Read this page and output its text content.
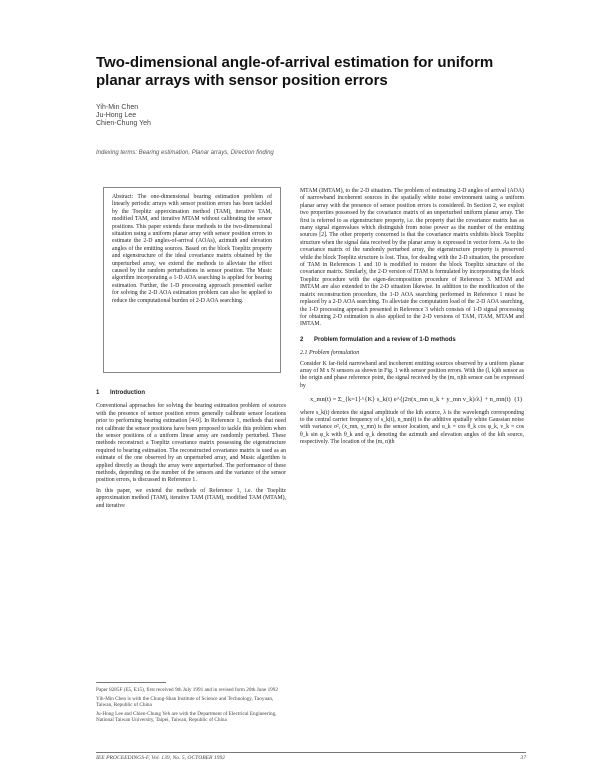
Two-dimensional angle-of-arrival estimation for uniform planar arrays with sensor position errors
Yih-Min Chen
Ju-Hong Lee
Chien-Chung Yeh
Indexing terms: Bearing estimation, Planar arrays, Direction finding
Abstract: The one-dimensional bearing estimation problem of linearly periodic arrays with sensor position errors has been tackled by the Toeplitz approximation method (TAM), iterative TAM, modified TAM, and iterative MTAM without calibrating the sensor positions. This paper extends these methods to the two-dimensional situation using a uniform planar array with sensor position errors to estimate the 2-D angles-of-arrival (AOAs), azimuth and elevation angles of the emitting sources. Based on the block Toeplitz property and eigenstructure of the ideal covariance matrix obtained by the unperturbed array, we extend the methods to alleviate the effect caused by the random perturbations in sensor position. The Music algorithm incorporating a 1-D AOA searching is applied for bearing estimation. Further, the 1-D processing approach presented earlier for solving the 2-D AOA estimation problem can also be applied to reduce the computational burden of 2-D AOA searching.
1 Introduction

Conventional approaches for solving the bearing estimation problem of sources with the presence of sensor position errors generally calibrate sensor locations prior to performing bearing estimation [4-9]. In Reference 1, methods that need not calibrate the sensor positions have been proposed to tackle this problem when the sensor positions of a uniform linear array are randomly perturbed. These methods reconstruct a Toeplitz covariance matrix possessing the eigenstructure required to bearing estimation. The reconstructed covariance matrix is used as an estimate of the one observed by an unperturbed array, and Music algorithm is applied directly as though the array were unperturbed. The performance of these methods, depending on the number of the sensors and the variance of the sensor position errors, is discussed in Reference 1.

In this paper, we extend the methods of Reference 1, i.e. the Toeplitz approximation method (TAM), iterative TAM (ITAM), modified TAM (MTAM), and iterative

MTAM (IMTAM), to the 2-D situation. The problem of estimating 2-D angles of arrival (AOA) of narrowband incoherent sources in the spatially white noise environment using a uniform planar array with the presence of sensor position errors is considered. In Section 2, we exploit two properties possessed by the covariance matrix of an unperturbed uniform planar array. The first is referred to as eigenstructure property, i.e. the property that the covariance matrix has as many signal eigenvalues which distinguish from noise power as the number of the emitting sources [2]. The other property concerned is that the covariance matrix exhibits block Toeplitz structure when the signal data received by the planar array is expressed in vector form. As to the covariance matrix of the randomly perturbed array, the eigenstructure property is preserved while the block Toeplitz structure is lost. Thus, for dealing with the 2-D situation, the procedure of TAM in References 1 and 10 is modified to restore the block Toeplitz structure of the covariance matrix. Similarly, the 2-D version of ITAM is formulated by incorporating the block Toeplitz procedure with the eigen-decomposition procedure of Reference 3. MTAM and IMTAM are also extended to the 2-D situation likewise. In addition to the modification of the matrix reconstruction procedure, the 1-D AOA searching performed in Reference 1 must be replaced by a 2-D AOA searching. To alleviate the computation load of the 2-D AOA searching, the 1-D processing approach presented in Reference 3 which consists of 1-D signal processing for obtaining 2-D estimation is also applied to the 2-D versions of TAM, ITAM, MTAM and IMTAM.

2 Problem formulation and a review of 1-D methods
2.1 Problem formulation

Consider K far-field narrowband and incoherent emitting sources observed by a uniform planar array of M x N sensors as shown in Fig. 1 with sensor position errors. With the (l, k)th sensor as the origin and phase reference point, the signal received by the (m, n)th sensor can be expressed by

x_mn(t) = Σ_{k=1}^{K} s_k(t) e^{j2π(x_mn u_k + y_mn v_k)/λ} + n_mn(t) (1)

where s_k(t) denotes the signal amplitude of the kth source, λ is the wavelength corresponding to the central carrier frequency of s_k(t), n_mn(t) is the additive spatially white Gaussian noise with variance σ², (x_mn, y_mn) is the sensor location, and u_k = cos θ_k cos φ_k, v_k = cos θ_k sin φ_k with θ_k and φ_k denoting the azimuth and elevation angles of the kth source, respectively. The location of the (m, n)th

Paper 8285F (E5, E15), first received 9th July 1991 and in revised form 20th June 1992

Yih-Min Chen is with the Chung-Shan Institute of Science and Technology, Taoyuan, Taiwan, Republic of China

Ju-Hong Lee and Chien-Chung Yeh are with the Department of Electrical Engineering, National Taiwan University, Taipei, Taiwan, Republic of China

IEE PROCEEDINGS-F, Vol. 139, No. 5, OCTOBER 1992	37
